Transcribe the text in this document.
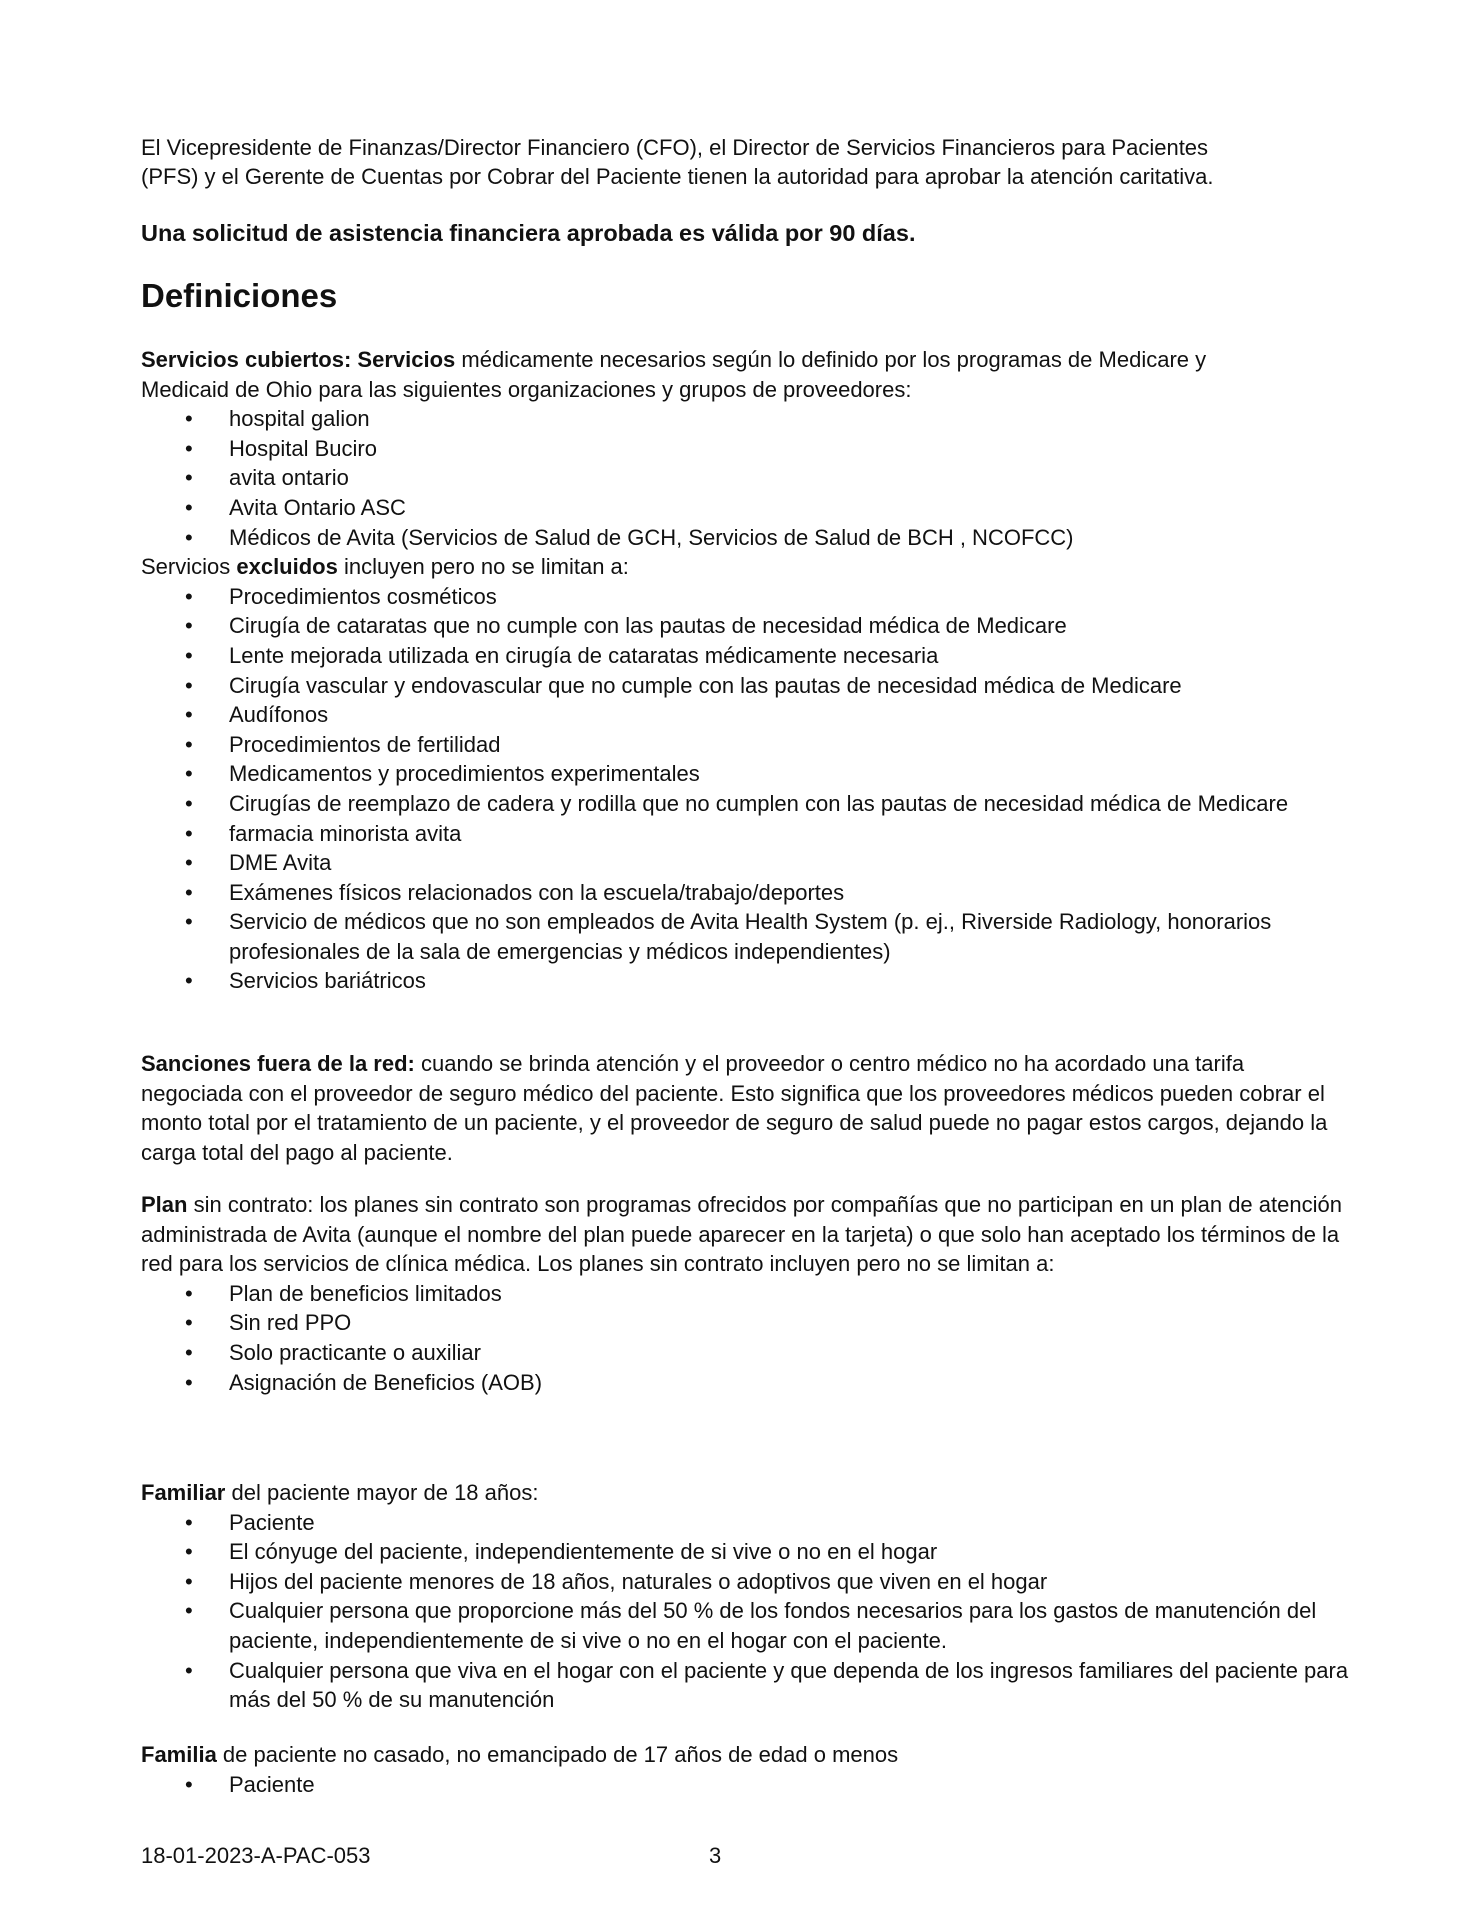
El Vicepresidente de Finanzas/Director Financiero (CFO), el Director de Servicios Financieros para Pacientes

(PFS) y el Gerente de Cuentas por Cobrar del Paciente tienen la autoridad para aprobar la atención caritativa.

Una solicitud de asistencia financiera aprobada es válida por 90 días.

Definiciones

Servicios cubiertos: Servicios médicamente necesarios según lo definido por los programas de Medicare y
Medicaid de Ohio para las siguientes organizaciones y grupos de proveedores:

• hospital galion
• Hospital Buciro
• avita ontario
• Avita Ontario ASC
• Médicos de Avita (Servicios de Salud de GCH, Servicios de Salud de BCH , NCOFCC)

Servicios excluidos incluyen pero no se limitan a:

• Procedimientos cosméticos
• Cirugía de cataratas que no cumple con las pautas de necesidad médica de Medicare
• Lente mejorada utilizada en cirugía de cataratas médicamente necesaria
• Cirugía vascular y endovascular que no cumple con las pautas de necesidad médica de Medicare
• Audífonos
• Procedimientos de fertilidad
• Medicamentos y procedimientos experimentales
• Cirugías de reemplazo de cadera y rodilla que no cumplen con las pautas de necesidad médica de Medicare
• farmacia minorista avita
• DME Avita
• Exámenes físicos relacionados con la escuela/trabajo/deportes
• Servicio de médicos que no son empleados de Avita Health System (p. ej., Riverside Radiology, honorarios profesionales de la sala de emergencias y médicos independientes)
• Servicios bariátricos

Sanciones fuera de la red: cuando se brinda atención y el proveedor o centro médico no ha acordado una tarifa negociada con el proveedor de seguro médico del paciente. Esto significa que los proveedores médicos pueden cobrar el monto total por el tratamiento de un paciente, y el proveedor de seguro de salud puede no pagar estos cargos, dejando la carga total del pago al paciente.

Plan sin contrato: los planes sin contrato son programas ofrecidos por compañías que no participan en un plan de atención administrada de Avita (aunque el nombre del plan puede aparecer en la tarjeta) o que solo han aceptado los términos de la red para los servicios de clínica médica. Los planes sin contrato incluyen pero no se limitan a:

• Plan de beneficios limitados
• Sin red PPO
• Solo practicante o auxiliar
• Asignación de Beneficios (AOB)

Familiar del paciente mayor de 18 años:

• Paciente
• El cónyuge del paciente, independientemente de si vive o no en el hogar
• Hijos del paciente menores de 18 años, naturales o adoptivos que viven en el hogar
• Cualquier persona que proporcione más del 50 % de los fondos necesarios para los gastos de manutención del paciente, independientemente de si vive o no en el hogar con el paciente.
• Cualquier persona que viva en el hogar con el paciente y que dependa de los ingresos familiares del paciente para más del 50 % de su manutención

Familia de paciente no casado, no emancipado de 17 años de edad o menos

• Paciente
18-01-2023-A-PAC-053	3
